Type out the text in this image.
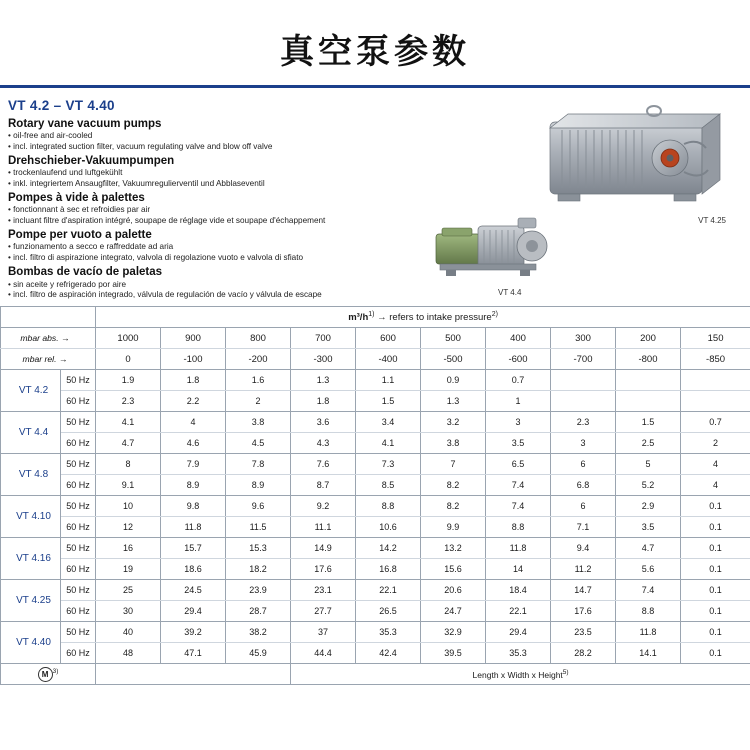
真空泵参数
VT 4.2 – VT 4.40
Rotary vane vacuum pumps
• oil-free and air-cooled
• incl. integrated suction filter, vacuum regulating valve and blow off valve
Drehschieber-Vakuumpumpen
• trockenlaufend und luftgekühlt
• inkl. integriertem Ansaugfilter, Vakuumregulierventil und Abblaseventil
Pompes à vide à palettes
• fonctionnant à sec et refroidies par air
• incluant filtre d'aspiration intégré, soupape de réglage vide et soupape d'échappement
Pompe per vuoto a palette
• funzionamento a secco e raffreddate ad aria
• incl. filtro di aspirazione integrato, valvola di regolazione vuoto e valvola di sfiato
Bombas de vacío de paletas
• sin aceite y refrigerado por aire
• incl. filtro de aspiración integrado, válvula de regulación de vacío y válvula de escape
VT 4.25
VT 4.4
		$m^3/h^{1)}$ → refers to intake pressure$^{2)}$
mbar abs. →		1000	900	800	700	600	500	400	300	200	150
mbar rel. →		0	-100	-200	-300	-400	-500	-600	-700	-800	-850
VT 4.2	50 Hz	1.9	1.8	1.6	1.3	1.1	0.9	0.7			
	60 Hz	2.3	2.2	2	1.8	1.5	1.3	1			
VT 4.4	50 Hz	4.1	4	3.8	3.6	3.4	3.2	3	2.3	1.5	0.7
	60 Hz	4.7	4.6	4.5	4.3	4.1	3.8	3.5	3	2.5	2
VT 4.8	50 Hz	8	7.9	7.8	7.6	7.3	7	6.5	6	5	4
	60 Hz	9.1	8.9	8.9	8.7	8.5	8.2	7.4	6.8	5.2	4
VT 4.10	50 Hz	10	9.8	9.6	9.2	8.8	8.2	7.4	6	2.9	0.1
	60 Hz	12	11.8	11.5	11.1	10.6	9.9	8.8	7.1	3.5	0.1
VT 4.16	50 Hz	16	15.7	15.3	14.9	14.2	13.2	11.8	9.4	4.7	0.1
	60 Hz	19	18.6	18.2	17.6	16.8	15.6	14	11.2	5.6	0.1
VT 4.25	50 Hz	25	24.5	23.9	23.1	22.1	20.6	18.4	14.7	7.4	0.1
	60 Hz	30	29.4	28.7	27.7	26.5	24.7	22.1	17.6	8.8	0.1
VT 4.40	50 Hz	40	39.2	38.2	37	35.3	32.9	29.4	23.5	11.8	0.1
	60 Hz	48	47.1	45.9	44.4	42.4	39.5	35.3	28.2	14.1	0.1
M $^{3)}$					Length x Width x Height$^{5)}$
